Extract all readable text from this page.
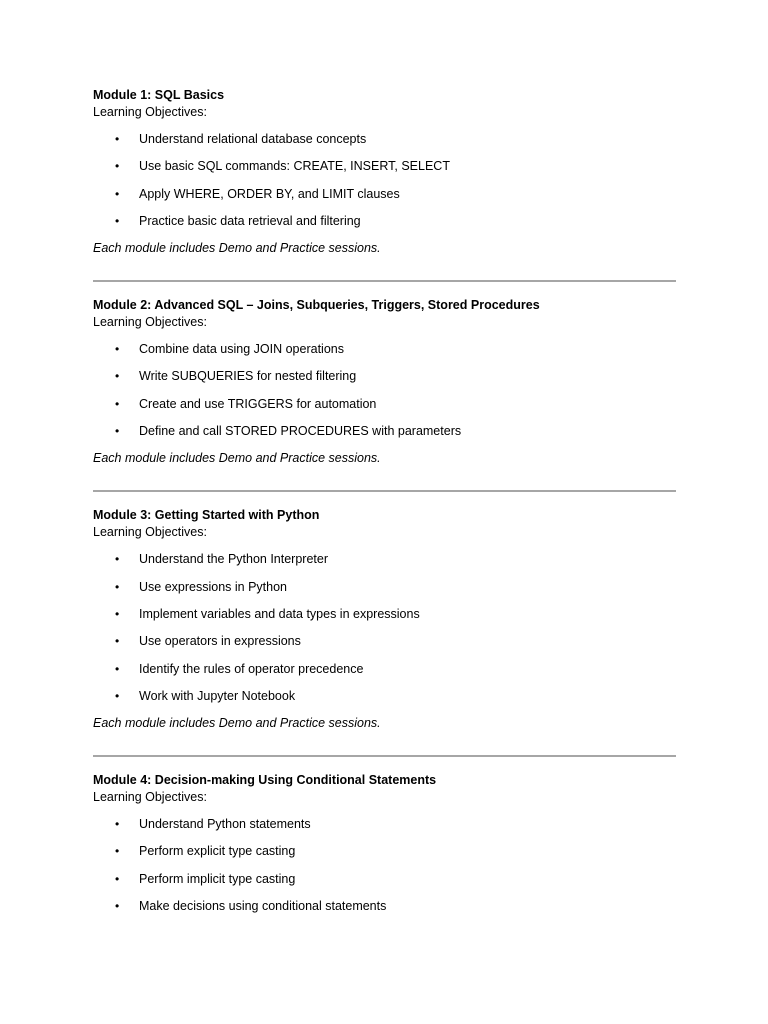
Module 1: SQL Basics

Learning Objectives:

• Understand relational database concepts
• Use basic SQL commands: CREATE, INSERT, SELECT
• Apply WHERE, ORDER BY, and LIMIT clauses
• Practice basic data retrieval and filtering

Each module includes Demo and Practice sessions.

Module 2: Advanced SQL – Joins, Subqueries, Triggers, Stored Procedures

Learning Objectives:

• Combine data using JOIN operations
• Write SUBQUERIES for nested filtering
• Create and use TRIGGERS for automation
• Define and call STORED PROCEDURES with parameters

Each module includes Demo and Practice sessions.

Module 3: Getting Started with Python

Learning Objectives:

• Understand the Python Interpreter
• Use expressions in Python
• Implement variables and data types in expressions
• Use operators in expressions
• Identify the rules of operator precedence
• Work with Jupyter Notebook

Each module includes Demo and Practice sessions.

Module 4: Decision-making Using Conditional Statements

Learning Objectives:

• Understand Python statements
• Perform explicit type casting
• Perform implicit type casting
• Make decisions using conditional statements
